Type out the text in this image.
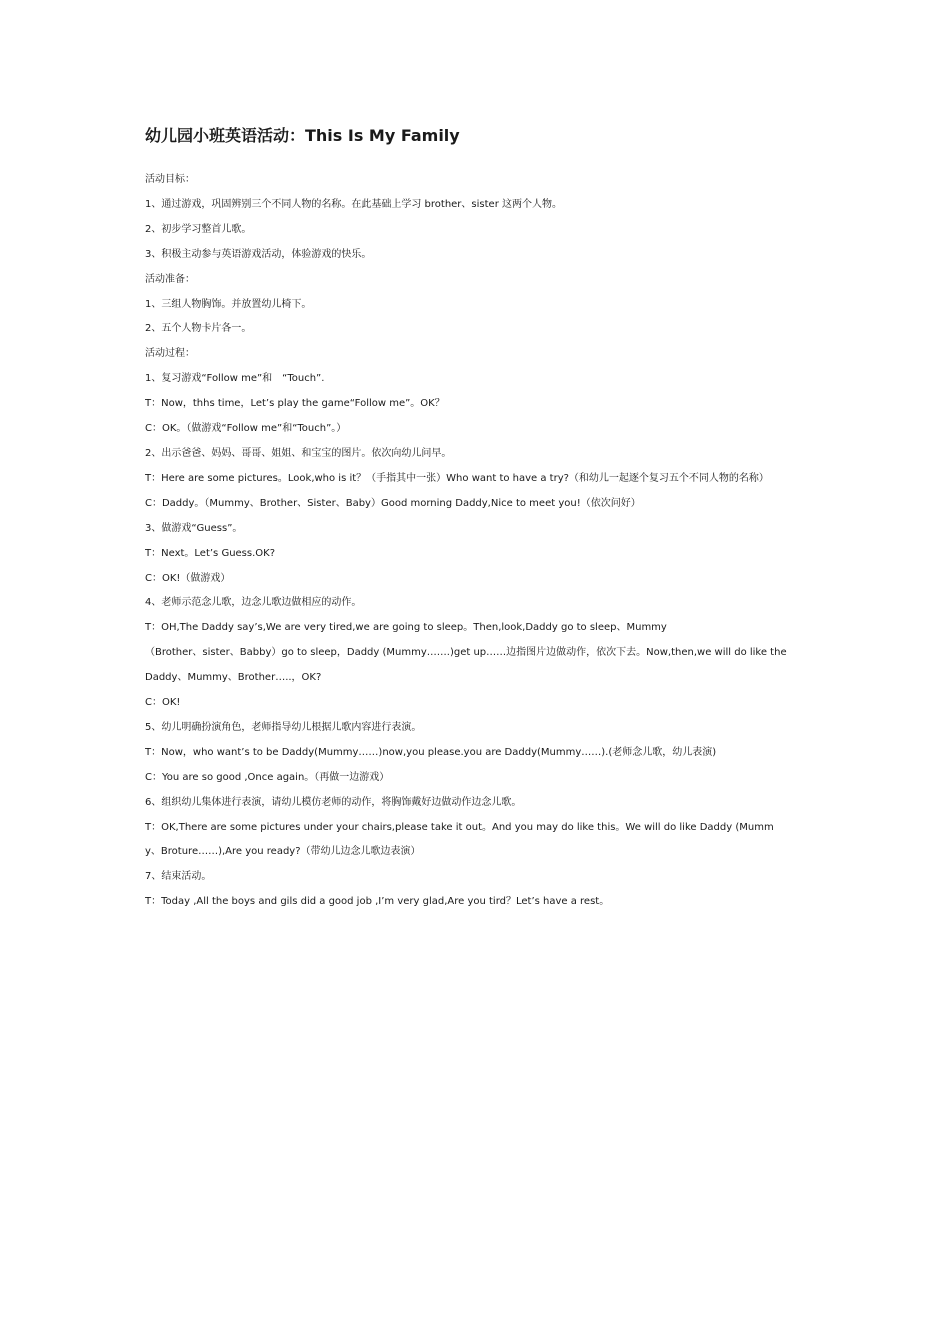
幼儿园小班英语活动：This Is My Family
活动目标：
1、通过游戏，巩固辨别三个不同人物的名称。在此基础上学习 brother、sister 这两个人物。
2、初步学习整首儿歌。
3、积极主动参与英语游戏活动，体验游戏的快乐。
活动准备：
1、三组人物胸饰。并放置幼儿椅下。
2、五个人物卡片各一。
活动过程：
1、复习游戏“Follow me”和　“Touch”.
T：Now，thhs time，Let’s play the game“Follow me”。OK？
C：OK。（做游戏“Follow me”和“Touch”。）
2、出示爸爸、妈妈、哥哥、姐姐、和宝宝的图片。依次向幼儿问早。
T：Here are some pictures。Look,who is it？（手指其中一张）Who want to have a try?（和幼儿一起逐个复习五个不同人物的名称）
C：Daddy。（Mummy、Brother、Sister、Baby）Good morning Daddy,Nice to meet you!（依次问好）
3、做游戏“Guess”。
T：Next。Let’s Guess.OK?
C：OK!（做游戏）
4、老师示范念儿歌，边念儿歌边做相应的动作。
T：OH,The Daddy say’s,We are very tired,we are going to sleep。Then,look,Daddy go to sleep、Mummy
（Brother、sister、Babby）go to sleep，Daddy (Mummy…….)get up……边指图片边做动作，依次下去。Now,then,we will do like the
Daddy、Mummy、Brother…..，OK?
C：OK!
5、幼儿明确扮演角色，老师指导幼儿根据儿歌内容进行表演。
T：Now，who want’s to be Daddy(Mummy……)now,you please.you are Daddy(Mummy……).(老师念儿歌，幼儿表演)
C：You are so good ,Once again。（再做一边游戏）
6、组织幼儿集体进行表演，请幼儿模仿老师的动作，将胸饰戴好边做动作边念儿歌。
T：OK,There are some pictures under your chairs,please take it out。And you may do like this。We will do like Daddy (Mumm
y、Broture……),Are you ready?（带幼儿边念儿歌边表演）
7、结束活动。
T：Today ,All the boys and gils did a good job ,I’m very glad,Are you tird？Let’s have a rest。
